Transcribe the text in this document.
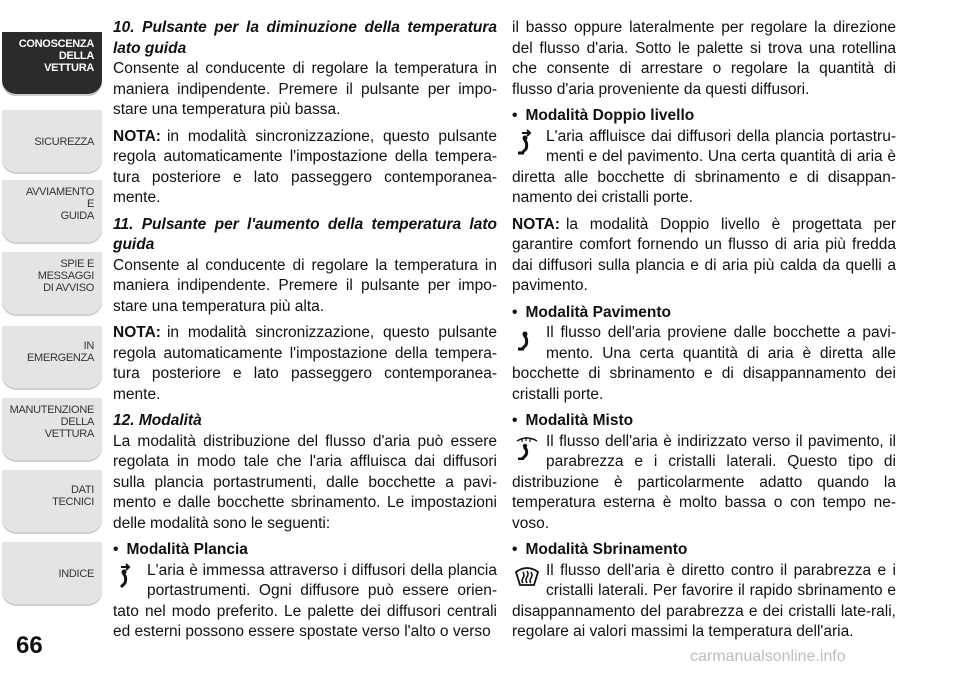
CONOSCENZA
DELLA
VETTURA
SICUREZZA
AVVIAMENTO
E
GUIDA
SPIE E
MESSAGGI
DI AVVISO
IN
EMERGENZA
MANUTENZIONE
DELLA
VETTURA
DATI
TECNICI
INDICE
66

10. Pulsante per la diminuzione della temperatura lato guida

Consente al conducente di regolare la temperatura in maniera indipendente. Premere il pulsante per impo-stare una temperatura più bassa.

NOTA: in modalità sincronizzazione, questo pulsante regola automaticamente l'impostazione della tempera-tura posteriore e lato passeggero contemporanea-mente.

11. Pulsante per l'aumento della temperatura lato guida

Consente al conducente di regolare la temperatura in maniera indipendente. Premere il pulsante per impo-stare una temperatura più alta.

NOTA: in modalità sincronizzazione, questo pulsante regola automaticamente l'impostazione della tempera-tura posteriore e lato passeggero contemporanea-mente.

12. Modalità

La modalità distribuzione del flusso d'aria può essere regolata in modo tale che l'aria affluisca dai diffusori sulla plancia portastrumenti, dalle bocchette a pavi-mento e dalle bocchette sbrinamento. Le impostazioni delle modalità sono le seguenti:

• Modalità Plancia

L'aria è immessa attraverso i diffusori della plancia portastrumenti. Ogni diffusore può essere orien-tato nel modo preferito. Le palette dei diffusori centrali ed esterni possono essere spostate verso l'alto o verso

il basso oppure lateralmente per regolare la direzione del flusso d'aria. Sotto le palette si trova una rotellina che consente di arrestare o regolare la quantità di flusso d'aria proveniente da questi diffusori.

• Modalità Doppio livello

L'aria affluisce dai diffusori della plancia portastru-menti e del pavimento. Una certa quantità di aria è diretta alle bocchette di sbrinamento e di disappan-namento dei cristalli porte.

NOTA: la modalità Doppio livello è progettata per garantire comfort fornendo un flusso di aria più fredda dai diffusori sulla plancia e di aria più calda da quelli a pavimento.

• Modalità Pavimento

Il flusso dell'aria proviene dalle bocchette a pavi-mento. Una certa quantità di aria è diretta alle bocchette di sbrinamento e di disappannamento dei cristalli porte.

• Modalità Misto

Il flusso dell'aria è indirizzato verso il pavimento, il parabrezza e i cristalli laterali. Questo tipo di distribuzione è particolarmente adatto quando la temperatura esterna è molto bassa o con tempo ne-voso.

• Modalità Sbrinamento

Il flusso dell'aria è diretto contro il parabrezza e i cristalli laterali. Per favorire il rapido sbrinamento e disappannamento del parabrezza e dei cristalli late-rali, regolare ai valori massimi la temperatura dell'aria.

carmanualsonline.info
